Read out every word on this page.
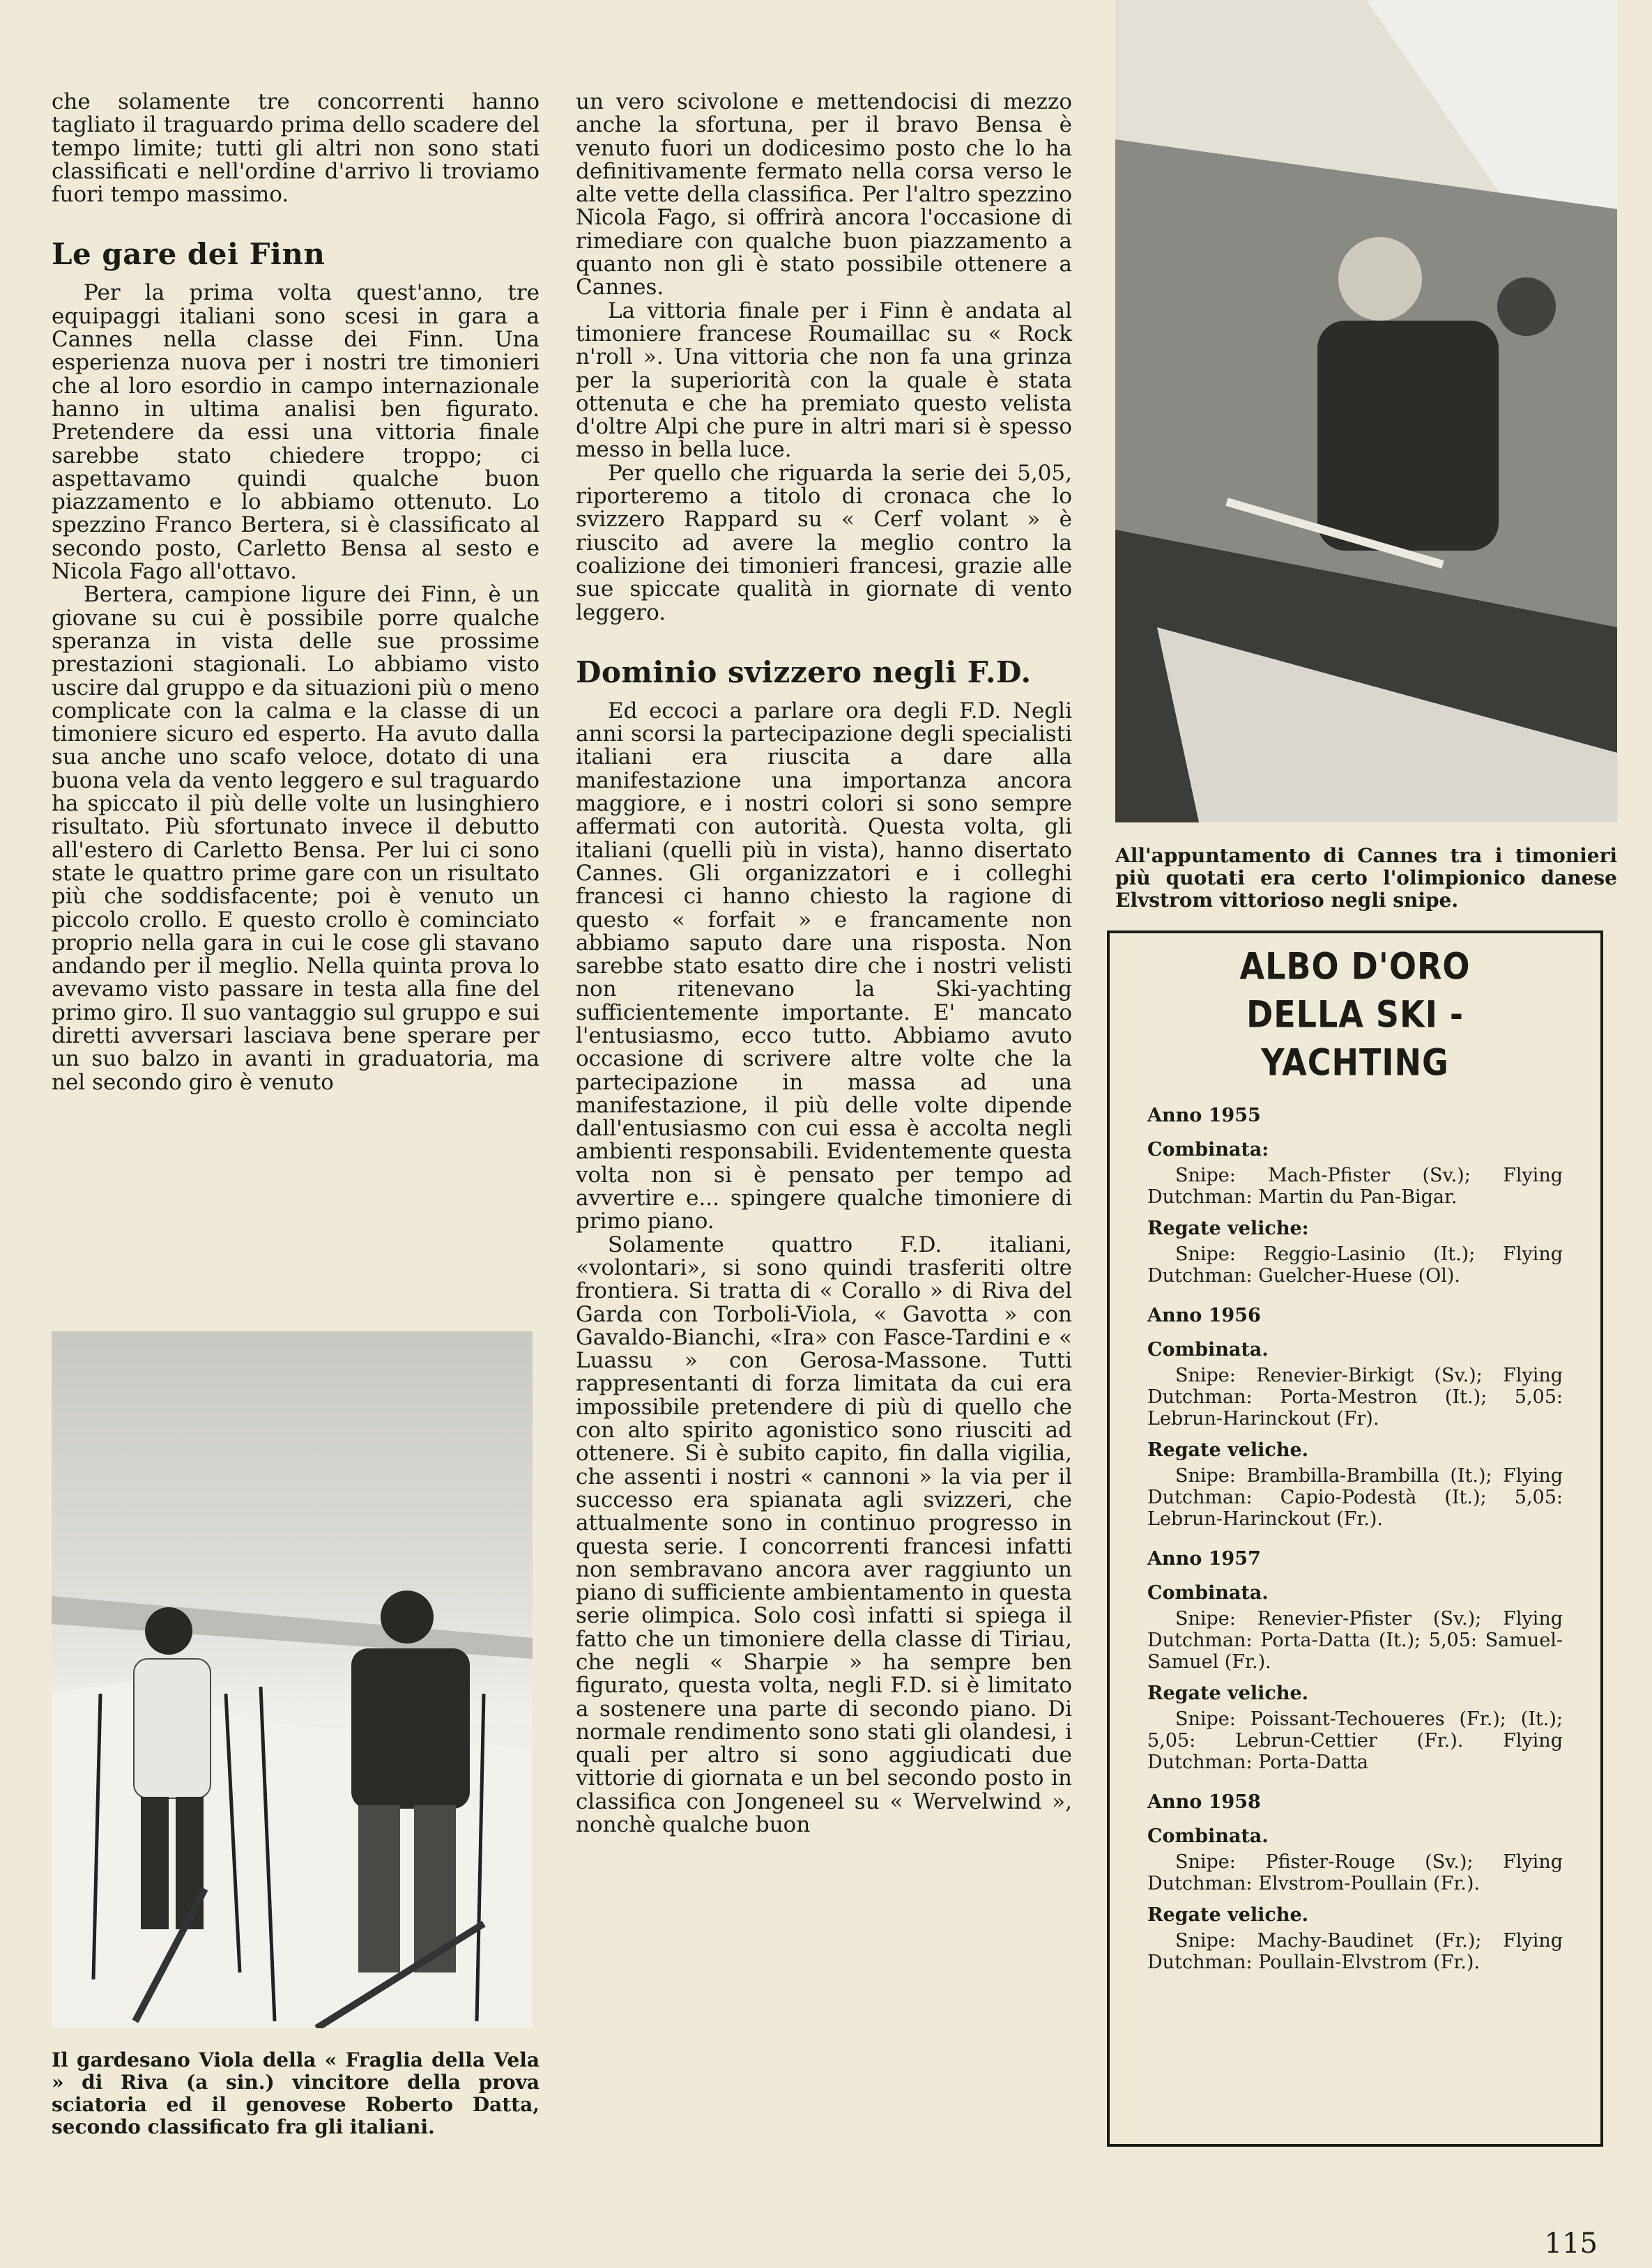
che solamente tre concorrenti hanno tagliato il traguardo prima dello scadere del tempo limite; tutti gli altri non sono stati classificati e nell'ordine d'arrivo li troviamo fuori tempo massimo.

Le gare dei Finn

Per la prima volta quest'anno, tre equipaggi italiani sono scesi in gara a Cannes nella classe dei Finn. Una esperienza nuova per i nostri tre timonieri che al loro esordio in campo internazionale hanno in ultima analisi ben figurato. Pretendere da essi una vittoria finale sarebbe stato chiedere troppo; ci aspettavamo quindi qualche buon piazzamento e lo abbiamo ottenuto. Lo spezzino Franco Bertera, si è classificato al secondo posto, Carletto Bensa al sesto e Nicola Fago all'ottavo.

Bertera, campione ligure dei Finn, è un giovane su cui è possibile porre qualche speranza in vista delle sue prossime prestazioni stagionali. Lo abbiamo visto uscire dal gruppo e da situazioni più o meno complicate con la calma e la classe di un timoniere sicuro ed esperto. Ha avuto dalla sua anche uno scafo veloce, dotato di una buona vela da vento leggero e sul traguardo ha spiccato il più delle volte un lusinghiero risultato. Più sfortunato invece il debutto all'estero di Carletto Bensa. Per lui ci sono state le quattro prime gare con un risultato più che soddisfacente; poi è venuto un piccolo crollo. E questo crollo è cominciato proprio nella gara in cui le cose gli stavano andando per il meglio. Nella quinta prova lo avevamo visto passare in testa alla fine del primo giro. Il suo vantaggio sul gruppo e sui diretti avversari lasciava bene sperare per un suo balzo in avanti in graduatoria, ma nel secondo giro è venuto

Il gardesano Viola della « Fraglia della Vela » di Riva (a sin.) vincitore della prova sciatoria ed il genovese Roberto Datta, secondo classificato fra gli italiani.

un vero scivolone e mettendocisi di mezzo anche la sfortuna, per il bravo Bensa è venuto fuori un dodicesimo posto che lo ha definitivamente fermato nella corsa verso le alte vette della classifica. Per l'altro spezzino Nicola Fago, si offrirà ancora l'occasione di rimediare con qualche buon piazzamento a quanto non gli è stato possibile ottenere a Cannes.

La vittoria finale per i Finn è andata al timoniere francese Roumaillac su « Rock n'roll ». Una vittoria che non fa una grinza per la superiorità con la quale è stata ottenuta e che ha premiato questo velista d'oltre Alpi che pure in altri mari si è spesso messo in bella luce.

Per quello che riguarda la serie dei 5,05, riporteremo a titolo di cronaca che lo svizzero Rappard su « Cerf volant » è riuscito ad avere la meglio contro la coalizione dei timonieri francesi, grazie alle sue spiccate qualità in giornate di vento leggero.

Dominio svizzero negli F.D.

Ed eccoci a parlare ora degli F.D. Negli anni scorsi la partecipazione degli specialisti italiani era riuscita a dare alla manifestazione una importanza ancora maggiore, e i nostri colori si sono sempre affermati con autorità. Questa volta, gli italiani (quelli più in vista), hanno disertato Cannes. Gli organizzatori e i colleghi francesi ci hanno chiesto la ragione di questo « forfait » e francamente non abbiamo saputo dare una risposta. Non sarebbe stato esatto dire che i nostri velisti non ritenevano la Ski-yachting sufficientemente importante. E' mancato l'entusiasmo, ecco tutto. Abbiamo avuto occasione di scrivere altre volte che la partecipazione in massa ad una manifestazione, il più delle volte dipende dall'entusiasmo con cui essa è accolta negli ambienti responsabili. Evidentemente questa volta non si è pensato per tempo ad avvertire e... spingere qualche timoniere di primo piano.

Solamente quattro F.D. italiani, «volontari», si sono quindi trasferiti oltre frontiera. Si tratta di « Corallo » di Riva del Garda con Torboli-Viola, « Gavotta » con Gavaldo-Bianchi, «Ira» con Fasce-Tardini e « Luassu » con Gerosa-Massone. Tutti rappresentanti di forza limitata da cui era impossibile pretendere di più di quello che con alto spirito agonistico sono riusciti ad ottenere. Si è subito capito, fin dalla vigilia, che assenti i nostri « cannoni » la via per il successo era spianata agli svizzeri, che attualmente sono in continuo progresso in questa serie. I concorrenti francesi infatti non sembravano ancora aver raggiunto un piano di sufficiente ambientamento in questa serie olimpica. Solo così infatti si spiega il fatto che un timoniere della classe di Tiriau, che negli « Sharpie » ha sempre ben figurato, questa volta, negli F.D. si è limitato a sostenere una parte di secondo piano. Di normale rendimento sono stati gli olandesi, i quali per altro si sono aggiudicati due vittorie di giornata e un bel secondo posto in classifica con Jongeneel su « Wervelwind », nonchè qualche buon

All'appuntamento di Cannes tra i timonieri più quotati era certo l'olimpionico danese Elvstrom vittorioso negli snipe.
ALBO D'ORO
DELLA SKI - YACHTING
Anno 1955
Combinata:
Snipe: Mach-Pfister (Sv.); Flying Dutchman: Martin du Pan-Bigar.
Regate veliche:
Snipe: Reggio-Lasinio (It.); Flying Dutchman: Guelcher-Huese (Ol).
Anno 1956
Combinata.
Snipe: Renevier-Birkigt (Sv.); Flying Dutchman: Porta-Mestron (It.); 5,05: Lebrun-Harinckout (Fr).
Regate veliche.
Snipe: Brambilla-Brambilla (It.); Flying Dutchman: Capio-Podestà (It.); 5,05: Lebrun-Harinckout (Fr.).
Anno 1957
Combinata.
Snipe: Renevier-Pfister (Sv.); Flying Dutchman: Porta-Datta (It.); 5,05: Samuel-Samuel (Fr.).
Regate veliche.
Snipe: Poissant-Techoueres (Fr.); (It.); 5,05: Lebrun-Cettier (Fr.). Flying Dutchman: Porta-Datta
Anno 1958
Combinata.
Snipe: Pfister-Rouge (Sv.); Flying Dutchman: Elvstrom-Poullain (Fr.).
Regate veliche.
Snipe: Machy-Baudinet (Fr.); Flying Dutchman: Poullain-Elvstrom (Fr.).
115
